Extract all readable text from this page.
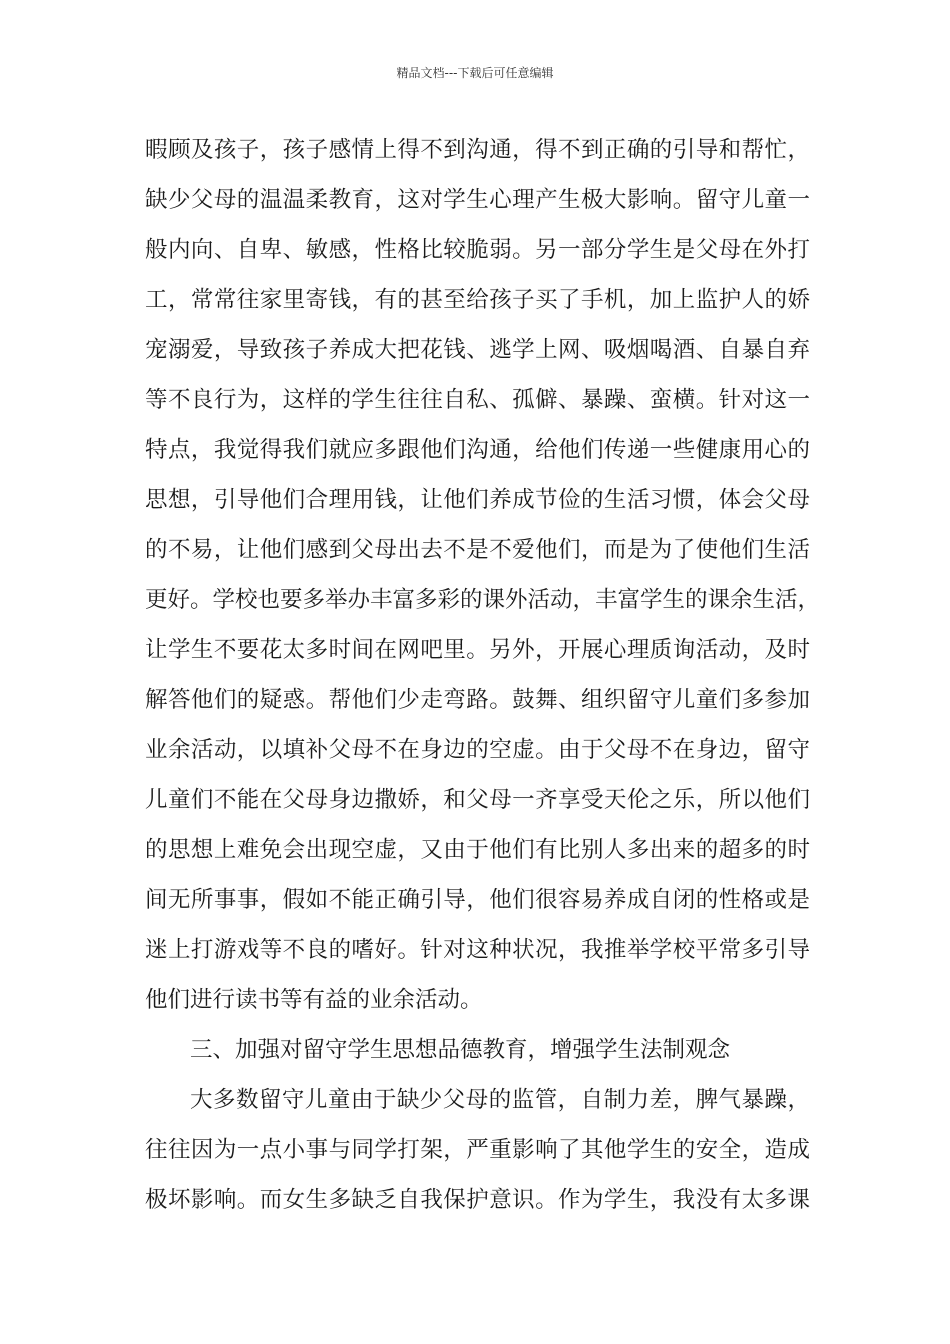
精品文档---下载后可任意编辑
暇顾及孩子，孩子感情上得不到沟通，得不到正确的引导和帮忙，
缺少父母的温温柔教育，这对学生心理产生极大影响。留守儿童一
般内向、自卑、敏感，性格比较脆弱。另一部分学生是父母在外打
工，常常往家里寄钱，有的甚至给孩子买了手机，加上监护人的娇
宠溺爱，导致孩子养成大把花钱、逃学上网、吸烟喝酒、自暴自弃
等不良行为，这样的学生往往自私、孤僻、暴躁、蛮横。针对这一
特点，我觉得我们就应多跟他们沟通，给他们传递一些健康用心的
思想，引导他们合理用钱，让他们养成节俭的生活习惯，体会父母
的不易，让他们感到父母出去不是不爱他们，而是为了使他们生活
更好。学校也要多举办丰富多彩的课外活动，丰富学生的课余生活，
让学生不要花太多时间在网吧里。另外，开展心理质询活动，及时
解答他们的疑惑。帮他们少走弯路。鼓舞、组织留守儿童们多参加
业余活动，以填补父母不在身边的空虚。由于父母不在身边，留守
儿童们不能在父母身边撒娇，和父母一齐享受天伦之乐，所以他们
的思想上难免会出现空虚，又由于他们有比别人多出来的超多的时
间无所事事，假如不能正确引导，他们很容易养成自闭的性格或是
迷上打游戏等不良的嗜好。针对这种状况，我推举学校平常多引导
他们进行读书等有益的业余活动。
三、加强对留守学生思想品德教育，增强学生法制观念
大多数留守儿童由于缺少父母的监管，自制力差，脾气暴躁，
往往因为一点小事与同学打架，严重影响了其他学生的安全，造成
极坏影响。而女生多缺乏自我保护意识。作为学生，我没有太多课
